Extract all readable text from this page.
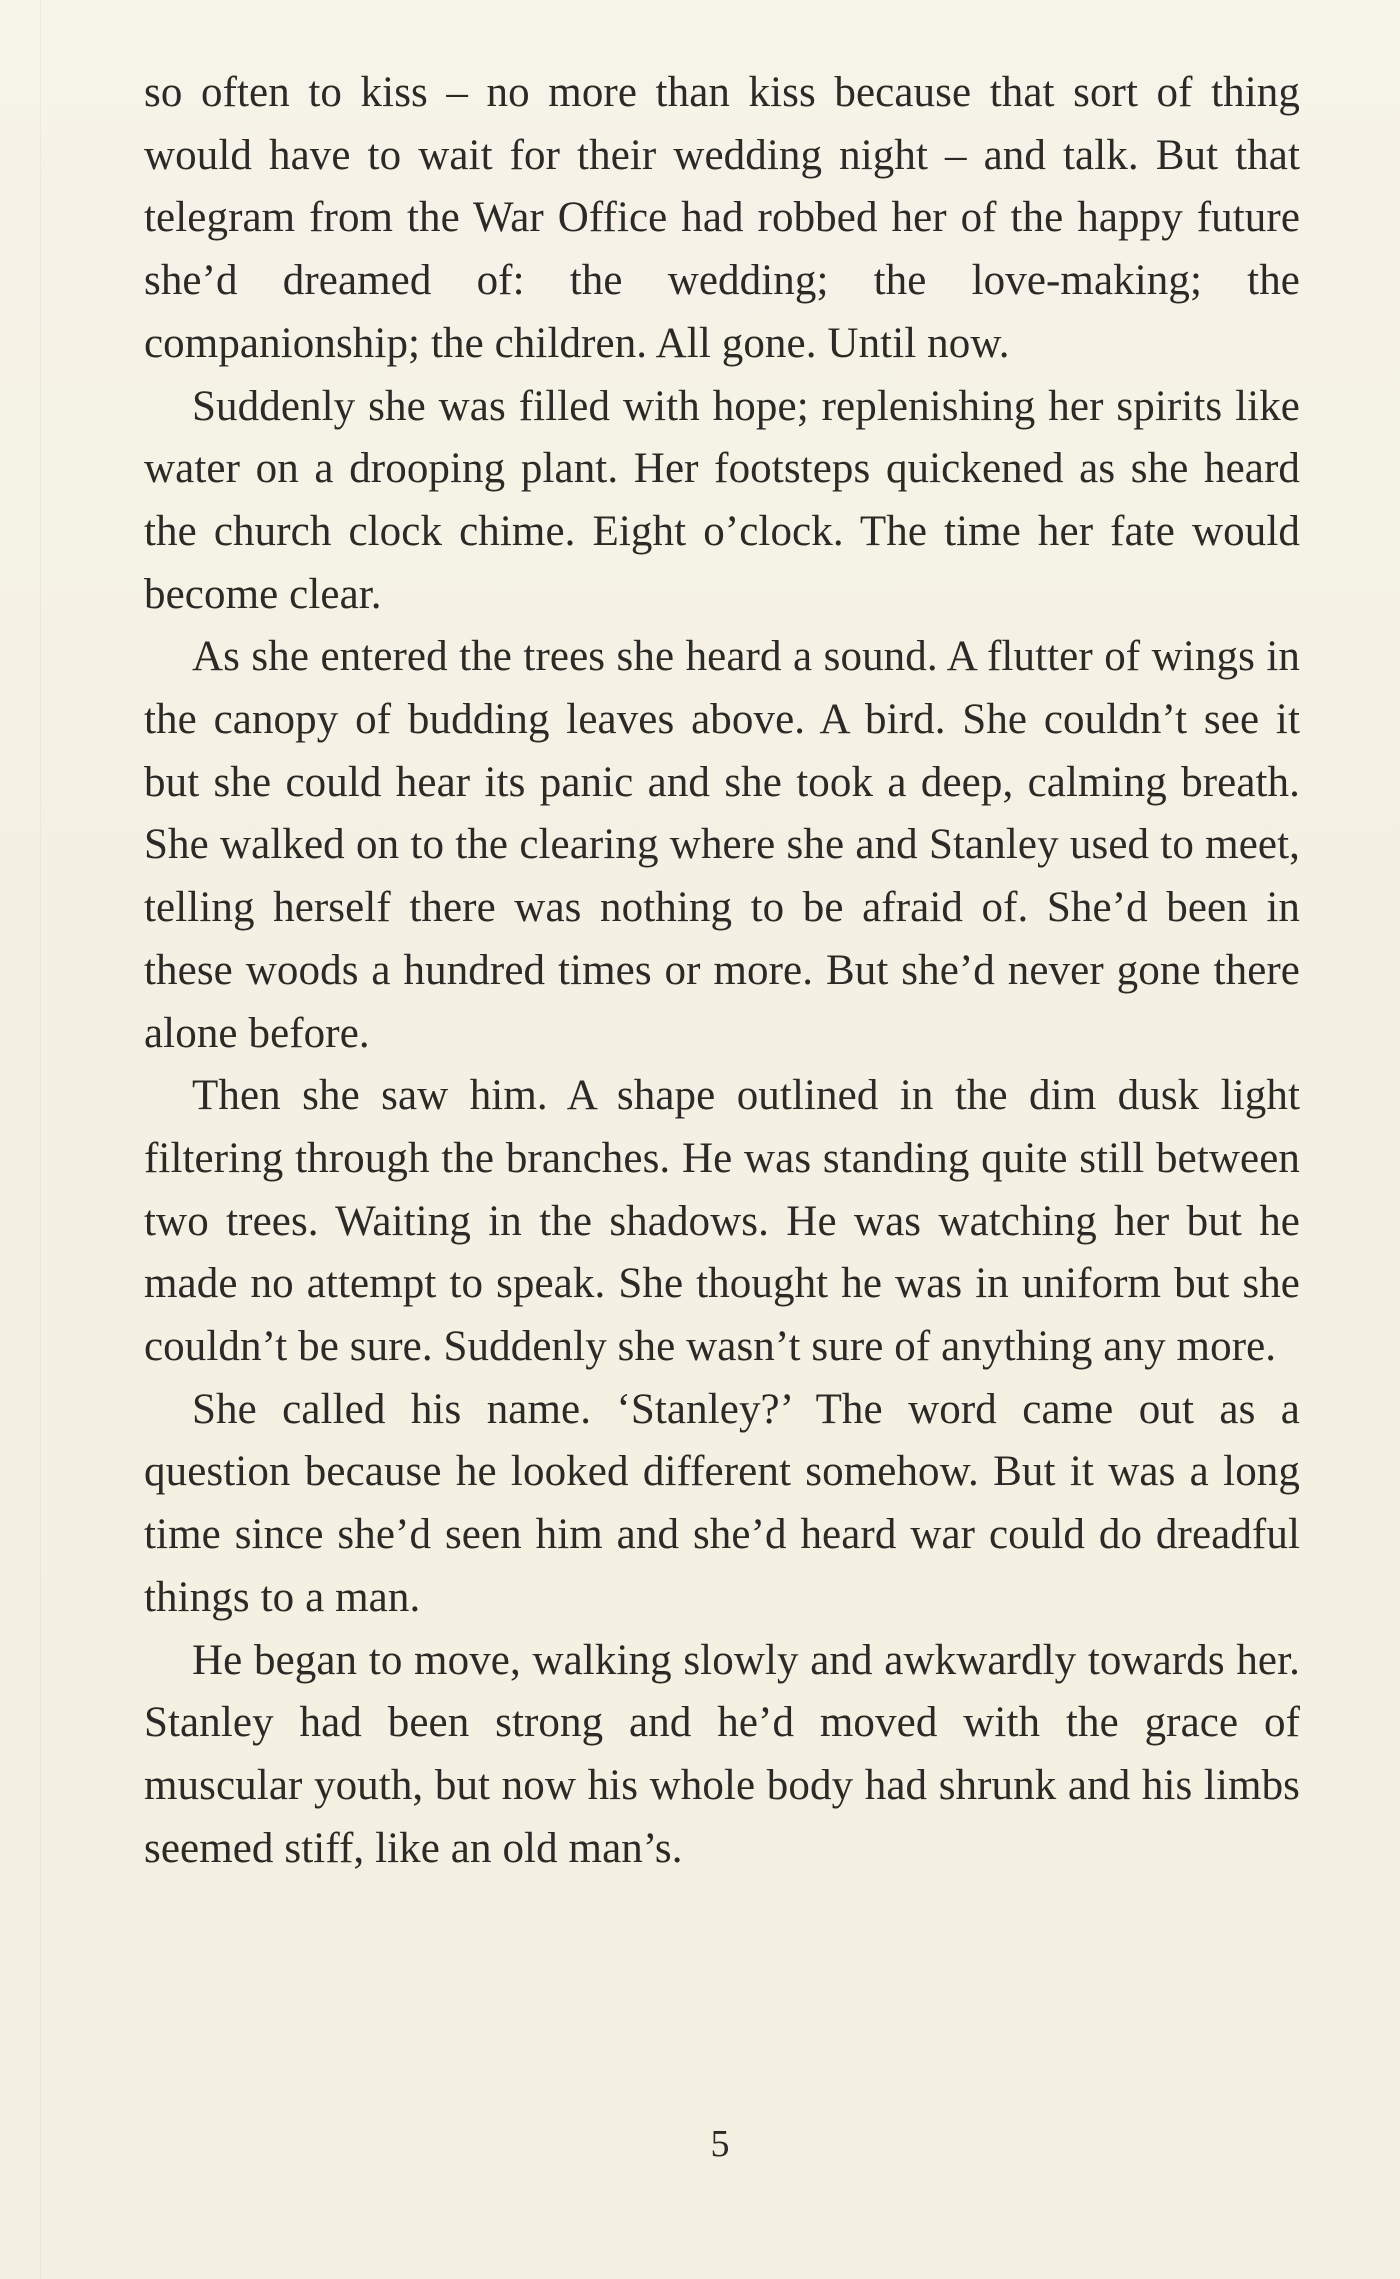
so often to kiss – no more than kiss because that sort of thing would have to wait for their wedding night – and talk. But that telegram from the War Office had robbed her of the happy future she’d dreamed of: the wedding; the love-making; the companionship; the children. All gone. Until now.

Suddenly she was filled with hope; replenishing her spirits like water on a drooping plant. Her footsteps quickened as she heard the church clock chime. Eight o’clock. The time her fate would become clear.

As she entered the trees she heard a sound. A flutter of wings in the canopy of budding leaves above. A bird. She couldn’t see it but she could hear its panic and she took a deep, calming breath. She walked on to the clearing where she and Stanley used to meet, telling herself there was nothing to be afraid of. She’d been in these woods a hundred times or more. But she’d never gone there alone before.

Then she saw him. A shape outlined in the dim dusk light filtering through the branches. He was standing quite still between two trees. Waiting in the shadows. He was watching her but he made no attempt to speak. She thought he was in uniform but she couldn’t be sure. Suddenly she wasn’t sure of anything any more.

She called his name. ‘Stanley?’ The word came out as a question because he looked different somehow. But it was a long time since she’d seen him and she’d heard war could do dreadful things to a man.

He began to move, walking slowly and awkwardly towards her. Stanley had been strong and he’d moved with the grace of muscular youth, but now his whole body had shrunk and his limbs seemed stiff, like an old man’s.

5
